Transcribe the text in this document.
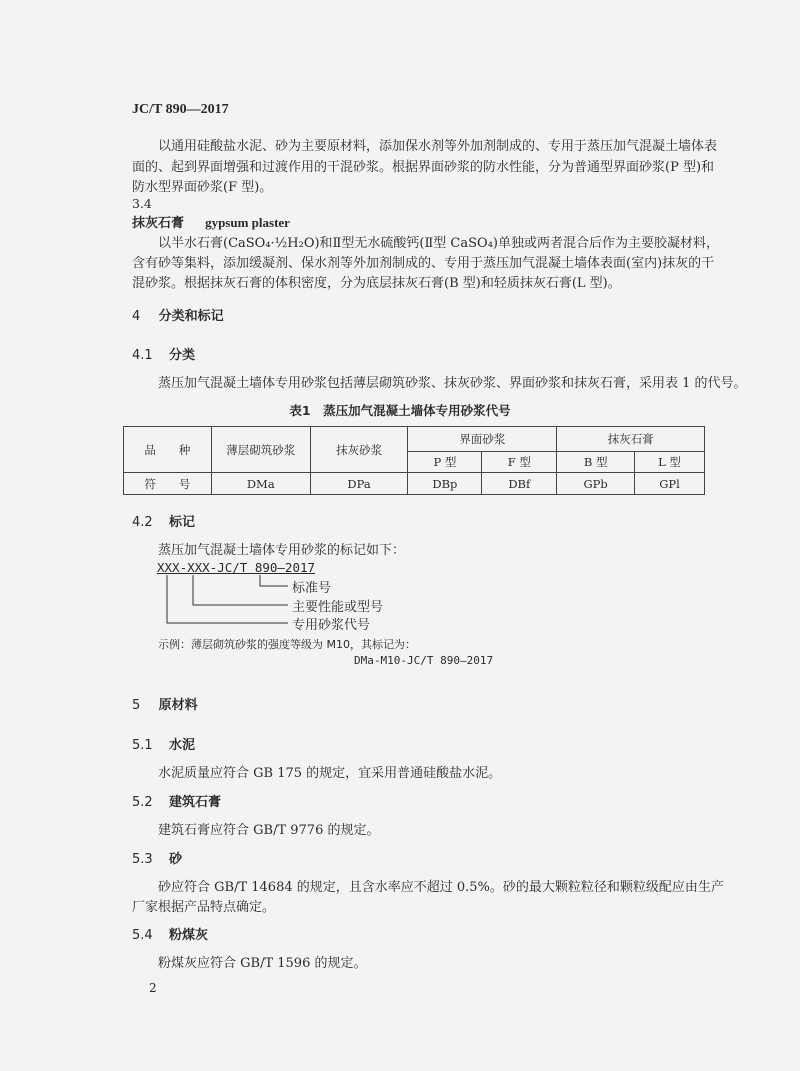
JC/T 890—2017
以通用硅酸盐水泥、砂为主要原材料，添加保水剂等外加剂制成的、专用于蒸压加气混凝土墙体表
面的、起到界面增强和过渡作用的干混砂浆。根据界面砂浆的防水性能，分为普通型界面砂浆(P 型)和
防水型界面砂浆(F 型)。
3.4
抹灰石膏 gypsum plaster
以半水石膏(CaSO₄·½H₂O)和Ⅱ型无水硫酸钙(Ⅱ型 CaSO₄)单独或两者混合后作为主要胶凝材料，
含有砂等集料，添加缓凝剂、保水剂等外加剂制成的、专用于蒸压加气混凝土墙体表面(室内)抹灰的干
混砂浆。根据抹灰石膏的体积密度，分为底层抹灰石膏(B 型)和轻质抹灰石膏(L 型)。
4 分类和标记
4.1 分类
蒸压加气混凝土墙体专用砂浆包括薄层砌筑砂浆、抹灰砂浆、界面砂浆和抹灰石膏，采用表 1 的代号。
表1　蒸压加气混凝土墙体专用砂浆代号
品　　种	薄层砌筑砂浆	抹灰砂浆	界面砂浆		抹灰石膏	
			P 型	F 型	B 型	L 型
符　　号	DMa	DPa	DBp	DBf	GPb	GPl
4.2 标记
蒸压加气混凝土墙体专用砂浆的标记如下：
XXX-XXX-JC/T 890—2017
标准号
主要性能或型号
专用砂浆代号
示例：薄层砌筑砂浆的强度等级为 M10，其标记为：
DMa-M10-JC/T 890—2017
5 原材料
5.1 水泥
水泥质量应符合 GB 175 的规定，宜采用普通硅酸盐水泥。
5.2 建筑石膏
建筑石膏应符合 GB/T 9776 的规定。
5.3 砂
砂应符合 GB/T 14684 的规定，且含水率应不超过 0.5%。砂的最大颗粒粒径和颗粒级配应由生产
厂家根据产品特点确定。
5.4 粉煤灰
粉煤灰应符合 GB/T 1596 的规定。
2
